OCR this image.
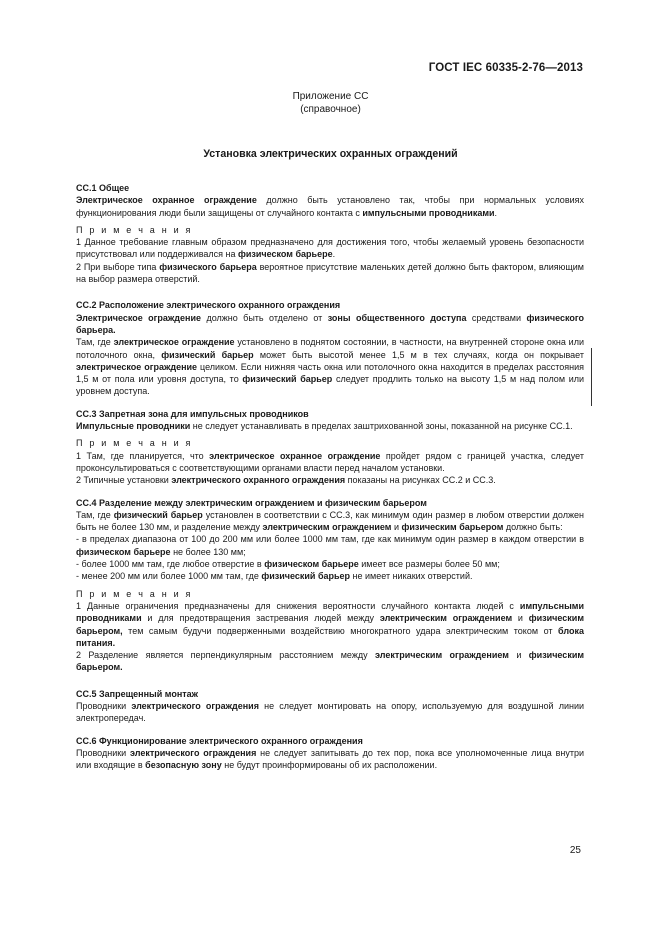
ГОСТ IEC 60335-2-76—2013
Приложение CC
(справочное)
Установка электрических охранных ограждений

CC.1 Общее

Электрическое охранное ограждение должно быть установлено так, чтобы при нормальных условиях функционирования люди были защищены от случайного контакта с импульсными проводниками.

П р и м е ч а н и я

1 Данное требование главным образом предназначено для достижения того, чтобы желаемый уровень безопасности присутствовал или поддерживался на физическом барьере.

2 При выборе типа физического барьера вероятное присутствие маленьких детей должно быть фактором, влияющим на выбор размера отверстий.

CC.2 Расположение электрического охранного ограждения

Электрическое ограждение должно быть отделено от зоны общественного доступа средствами физического барьера.

Там, где электрическое ограждение установлено в поднятом состоянии, в частности, на внутренней стороне окна или потолочного окна, физический барьер может быть высотой менее 1,5 м в тех случаях, когда он покрывает электрическое ограждение целиком. Если нижняя часть окна или потолочного окна находится в пределах расстояния 1,5 м от пола или уровня доступа, то физический барьер следует продлить только на высоту 1,5 м над полом или уровнем доступа.

CC.3 Запретная зона для импульсных проводников

Импульсные проводники не следует устанавливать в пределах заштрихованной зоны, показанной на рисунке CC.1.

П р и м е ч а н и я

1 Там, где планируется, что электрическое охранное ограждение пройдет рядом с границей участка, следует проконсультироваться с соответствующими органами власти перед началом установки.

2 Типичные установки электрического охранного ограждения показаны на рисунках CC.2 и CC.3.

CC.4 Разделение между электрическим ограждением и физическим барьером

Там, где физический барьер установлен в соответствии с CC.3, как минимум один размер в любом отверстии должен быть не более 130 мм, и разделение между электрическим ограждением и физическим барьером должно быть:

- в пределах диапазона от 100 до 200 мм или более 1000 мм там, где как минимум один размер в каждом отверстии в физическом барьере не более 130 мм;

- более 1000 мм там, где любое отверстие в физическом барьере имеет все размеры более 50 мм;

- менее 200 мм или более 1000 мм там, где физический барьер не имеет никаких отверстий.

П р и м е ч а н и я

1 Данные ограничения предназначены для снижения вероятности случайного контакта людей с импульсными проводниками и для предотвращения застревания людей между электрическим ограждением и физическим барьером, тем самым будучи подверженными воздействию многократного удара электрическим током от блока питания.

2 Разделение является перпендикулярным расстоянием между электрическим ограждением и физическим барьером.

CC.5 Запрещенный монтаж

Проводники электрического ограждения не следует монтировать на опору, используемую для воздушной линии электропередач.

CC.6 Функционирование электрического охранного ограждения

Проводники электрического ограждения не следует запитывать до тех пор, пока все уполномоченные лица внутри или входящие в безопасную зону не будут проинформированы об их расположении.

25
